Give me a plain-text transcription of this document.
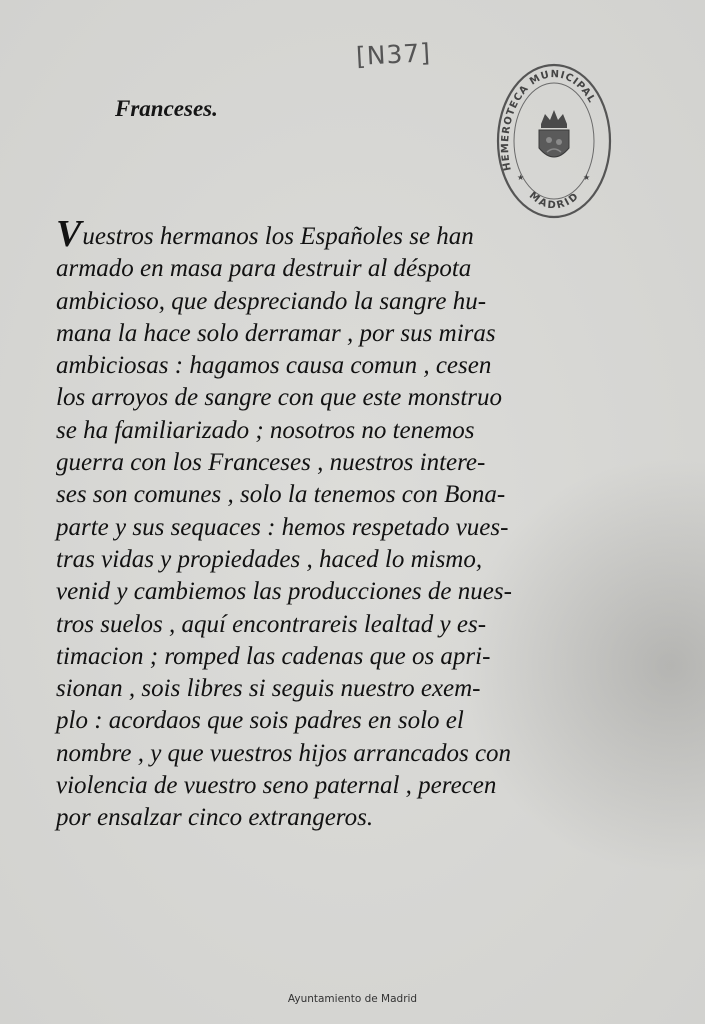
[N37]
Franceses.
HEMEROTECA MUNICIPAL
MADRID
★	★
Vuestros hermanos los Españoles se han
armado en masa para destruir al déspota
ambicioso, que despreciando la sangre hu-
mana la hace solo derramar , por sus miras
ambiciosas : hagamos causa comun , cesen
los arroyos de sangre con que este monstruo
se ha familiarizado ; nosotros no tenemos
guerra con los Franceses , nuestros intere-
ses son comunes , solo la tenemos con Bona-
parte y sus sequaces : hemos respetado vues-
tras vidas y propiedades , haced lo mismo,
venid y cambiemos las producciones de nues-
tros suelos , aquí encontrareis lealtad y es-
timacion ; romped las cadenas que os apri-
sionan , sois libres si seguis nuestro exem-
plo : acordaos que sois padres en solo el
nombre , y que vuestros hijos arrancados con
violencia de vuestro seno paternal , perecen
por ensalzar cinco extrangeros.
Ayuntamiento de Madrid
